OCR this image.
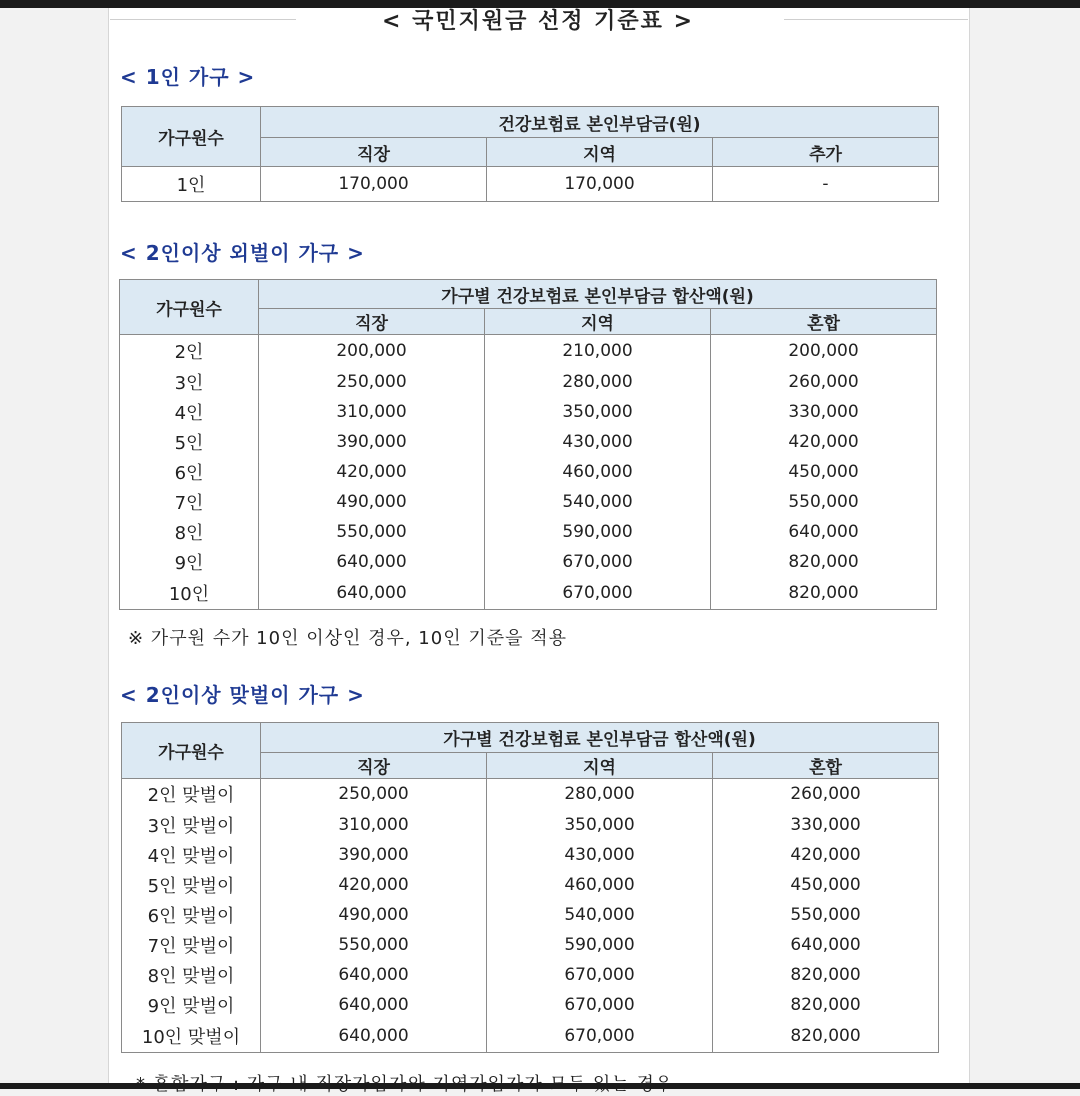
< 국민지원금 선정 기준표 >
< 1인 가구 >
가구원수	건강보험료 본인부담금(원)		
	직장	지역	추가
1인	170,000	170,000	-
< 2인이상 외벌이 가구 >
가구원수	가구별 건강보험료 본인부담금 합산액(원)		
	직장	지역	혼합
2인	200,000	210,000	200,000
3인	250,000	280,000	260,000
4인	310,000	350,000	330,000
5인	390,000	430,000	420,000
6인	420,000	460,000	450,000
7인	490,000	540,000	550,000
8인	550,000	590,000	640,000
9인	640,000	670,000	820,000
10인	640,000	670,000	820,000
※ 가구원 수가 10인 이상인 경우, 10인 기준을 적용
< 2인이상 맞벌이 가구 >
가구원수	가구별 건강보험료 본인부담금 합산액(원)		
	직장	지역	혼합
2인 맞벌이	250,000	280,000	260,000
3인 맞벌이	310,000	350,000	330,000
4인 맞벌이	390,000	430,000	420,000
5인 맞벌이	420,000	460,000	450,000
6인 맞벌이	490,000	540,000	550,000
7인 맞벌이	550,000	590,000	640,000
8인 맞벌이	640,000	670,000	820,000
9인 맞벌이	640,000	670,000	820,000
10인 맞벌이	640,000	670,000	820,000
